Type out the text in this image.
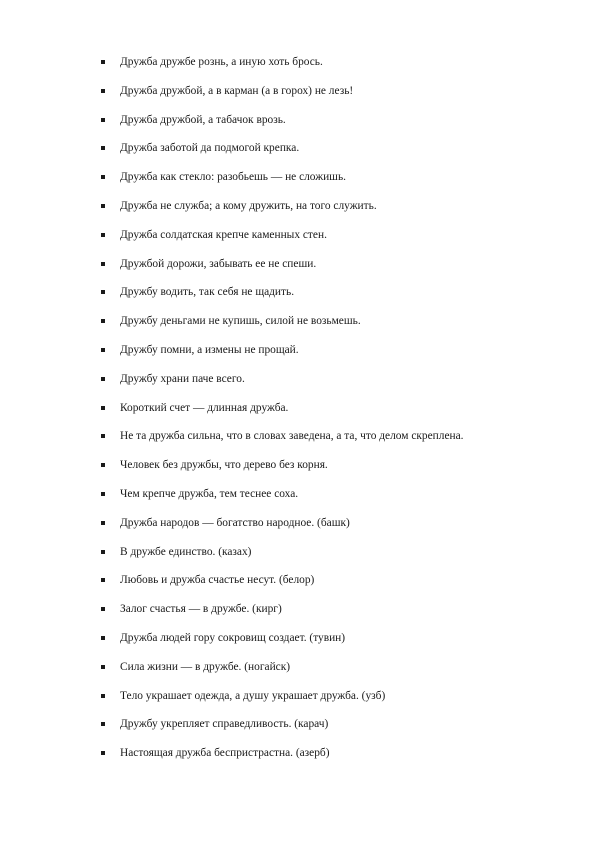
Дружба дружбе рознь, а иную хоть брось.
Дружба дружбой, а в карман (а в горох) не лезь!
Дружба дружбой, а табачок врозь.
Дружба заботой да подмогой крепка.
Дружба как стекло: разобьешь — не сложишь.
Дружба не служба; а кому дружить, на того служить.
Дружба солдатская крепче каменных стен.
Дружбой дорожи, забывать ее не спеши.
Дружбу водить, так себя не щадить.
Дружбу деньгами не купишь, силой не возьмешь.
Дружбу помни, а измены не прощай.
Дружбу храни паче всего.
Короткий счет — длинная дружба.
Не та дружба сильна, что в словах заведена, а та, что делом скреплена.
Человек без дружбы, что дерево без корня.
Чем крепче дружба, тем теснее соха.
Дружба народов — богатство народное. (башк)
В дружбе единство. (казах)
Любовь и дружба счастье несут. (белор)
Залог счастья — в дружбе. (кирг)
Дружба людей гору сокровищ создает. (тувин)
Сила жизни — в дружбе. (ногайск)
Тело украшает одежда, а душу украшает дружба. (узб)
Дружбу укрепляет справедливость. (карач)
Настоящая дружба беспристрастна. (азерб)
